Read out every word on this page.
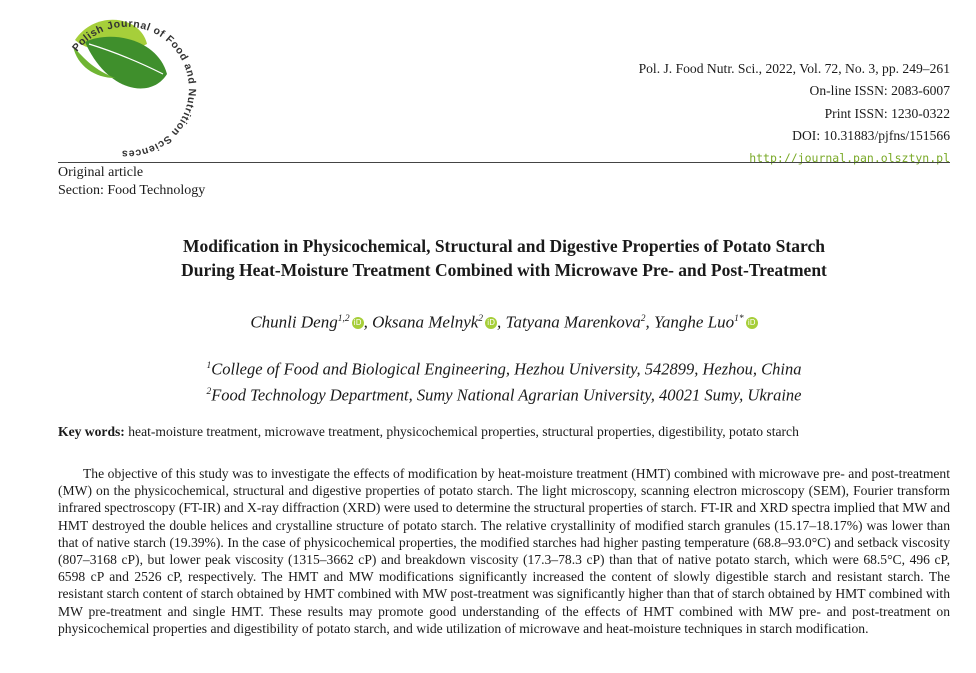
Polish Journal of Food and Nutrition Sciences
Pol. J. Food Nutr. Sci., 2022, Vol. 72, No. 3, pp. 249–261
On-line ISSN: 2083-6007
Print ISSN: 1230-0322
DOI: 10.31883/pjfns/151566
http://journal.pan.olsztyn.pl
Original article
Section: Food Technology
Modification in Physicochemical, Structural and Digestive Properties of Potato Starch
During Heat-Moisture Treatment Combined with Microwave Pre- and Post-Treatment
Chunli Deng$^{1,2}$ iD , Oksana Melnyk$^2$ iD , Tatyana Marenkova$^2$, Yanghe Luo$^{1*}$ iD
$^1$College of Food and Biological Engineering, Hezhou University, 542899, Hezhou, China
$^2$Food Technology Department, Sumy National Agrarian University, 40021 Sumy, Ukraine
Key words: heat-moisture treatment, microwave treatment, physicochemical properties, structural properties, digestibility, potato starch

The objective of this study was to investigate the effects of modification by heat-moisture treatment (HMT) combined with microwave pre- and post-treatment (MW) on the physicochemical, structural and digestive properties of potato starch. The light microscopy, scanning electron microscopy (SEM), Fourier transform infrared spectroscopy (FT-IR) and X-ray diffraction (XRD) were used to determine the structural properties of starch. FT-IR and XRD spectra implied that MW and HMT destroyed the double helices and crystalline structure of potato starch. The relative crystallinity of modified starch granules (15.17–18.17%) was lower than that of native starch (19.39%). In the case of physicochemical properties, the modified starches had higher pasting temperature (68.8–93.0°C) and setback viscosity (807–3168 cP), but lower peak viscosity (1315–3662 cP) and breakdown viscosity (17.3–78.3 cP) than that of native potato starch, which were 68.5°C, 496 cP, 6598 cP and 2526 cP, respectively. The HMT and MW modifications significantly increased the content of slowly digestible starch and resistant starch. The resistant starch content of starch obtained by HMT combined with MW post-treatment was significantly higher than that of starch obtained by HMT combined with MW pre-treatment and single HMT. These results may promote good understanding of the effects of HMT combined with MW pre- and post-treatment on physicochemical properties and digestibility of potato starch, and wide utilization of microwave and heat-moisture techniques in starch modification.
